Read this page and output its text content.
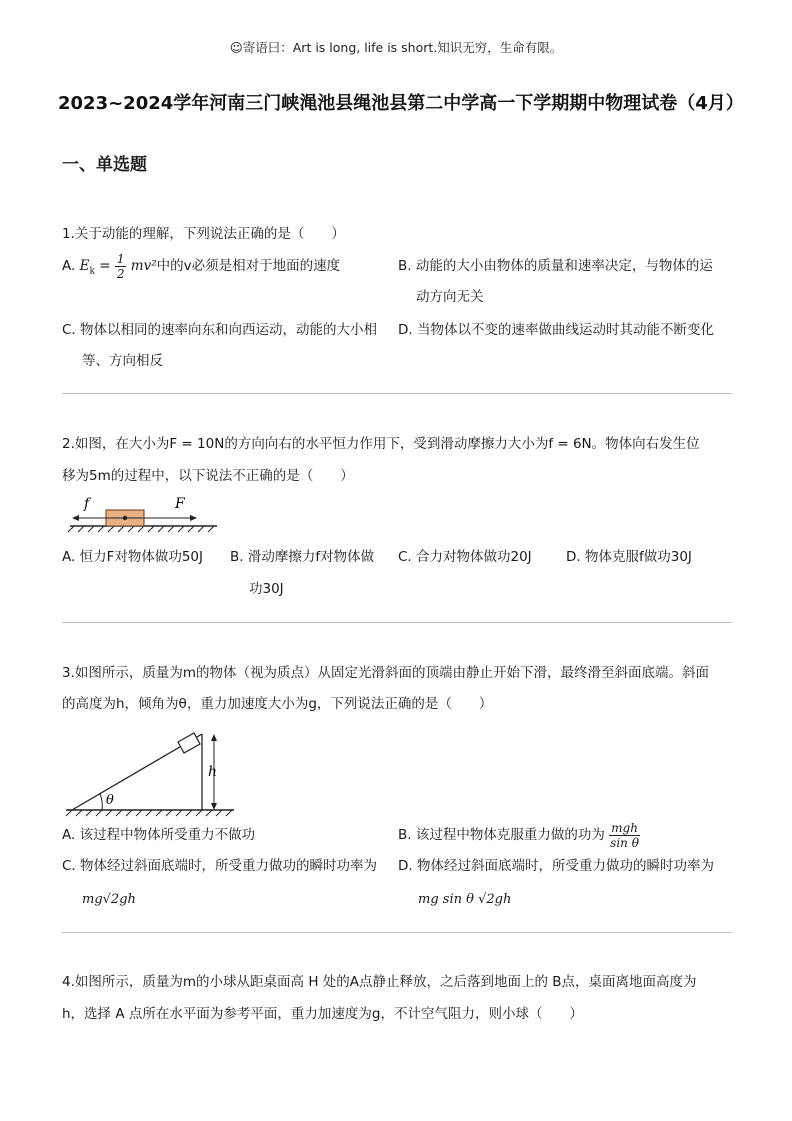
☺寄语曰：Art is long, life is short.知识无穷，生命有限。
2023~2024学年河南三门峡渑池县绳池县第二中学高一下学期期中物理试卷（4月）
一、单选题
1.关于动能的理解，下列说法正确的是（　　）
A. $E_k = \frac{1}{2} mv^2$中的v必须是相对于地面的速度	B. 动能的大小由物体的质量和速率决定，与物体的运
动方向无关
C. 物体以相同的速率向东和向西运动，动能的大小相
等、方向相反
D. 当物体以不变的速率做曲线运动时其动能不断变化
2.如图，在大小为F = 10N的方向向右的水平恒力作用下，受到滑动摩擦力大小为f = 6N。物体向右发生位
移为5m的过程中，以下说法不正确的是（　　）
f	F
A. 恒力F对物体做功50J B. 滑动摩擦力f对物体做
功30J
C. 合力对物体做功20J	D. 物体克服f做功30J
3.如图所示，质量为m的物体（视为质点）从固定光滑斜面的顶端由静止开始下滑，最终滑至斜面底端。斜面
的高度为h，倾角为θ，重力加速度大小为g，下列说法正确的是（　　）
θ
h
A. 该过程中物体所受重力不做功	B. 该过程中物体克服重力做的功为 $\frac{\text{mgh}}{\text{sin θ}}$
C. 物体经过斜面底端时，所受重力做功的瞬时功率为
mg√2gh
D. 物体经过斜面底端时，所受重力做功的瞬时功率为
mg sin θ √2gh
4.如图所示，质量为m的小球从距桌面高 H 处的A点静止释放，之后落到地面上的 B点，桌面离地面高度为
h，选择 A 点所在水平面为参考平面，重力加速度为g，不计空气阻力，则小球（　　）
